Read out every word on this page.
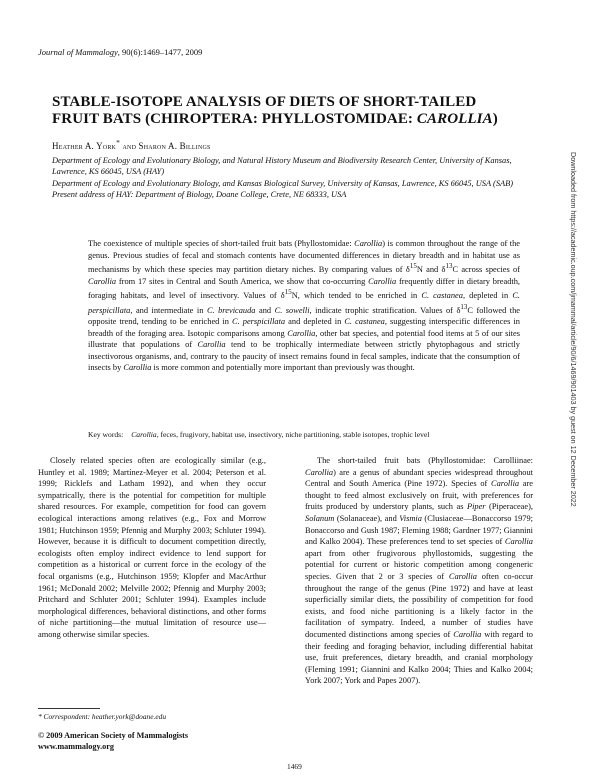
Journal of Mammalogy, 90(6):1469–1477, 2009
STABLE-ISOTOPE ANALYSIS OF DIETS OF SHORT-TAILED FRUIT BATS (CHIROPTERA: PHYLLOSTOMIDAE: CAROLLIA)
Heather A. York* and Sharon A. Billings

Department of Ecology and Evolutionary Biology, and Natural History Museum and Biodiversity Research Center, University of Kansas, Lawrence, KS 66045, USA (HAY)

Department of Ecology and Evolutionary Biology, and Kansas Biological Survey, University of Kansas, Lawrence, KS 66045, USA (SAB)

Present address of HAY: Department of Biology, Doane College, Crete, NE 68333, USA

The coexistence of multiple species of short-tailed fruit bats (Phyllostomidae: Carollia) is common throughout the range of the genus. Previous studies of fecal and stomach contents have documented differences in dietary breadth and in habitat use as mechanisms by which these species may partition dietary niches. By comparing values of $\delta^{15}N$ and $\delta^{13}C$ across species of Carollia from 17 sites in Central and South America, we show that co-occurring Carollia frequently differ in dietary breadth, foraging habitats, and level of insectivory. Values of $\delta^{15}N$, which tended to be enriched in C. castanea, depleted in C. perspicillata, and intermediate in C. brevicauda and C. sowelli, indicate trophic stratification. Values of $\delta^{13}C$ followed the opposite trend, tending to be enriched in C. perspicillata and depleted in C. castanea, suggesting interspecific differences in breadth of the foraging area. Isotopic comparisons among Carollia, other bat species, and potential food items at 5 of our sites illustrate that populations of Carollia tend to be trophically intermediate between strictly phytophagous and strictly insectivorous organisms, and, contrary to the paucity of insect remains found in fecal samples, indicate that the consumption of insects by Carollia is more common and potentially more important than previously was thought.

Key words: Carollia, feces, frugivory, habitat use, insectivory, niche partitioning, stable isotopes, trophic level

Closely related species often are ecologically similar (e.g., Huntley et al. 1989; Martínez-Meyer et al. 2004; Peterson et al. 1999; Ricklefs and Latham 1992), and when they occur sympatrically, there is the potential for competition for multiple shared resources. For example, competition for food can govern ecological interactions among relatives (e.g., Fox and Morrow 1981; Hutchinson 1959; Pfennig and Murphy 2003; Schluter 1994). However, because it is difficult to document competition directly, ecologists often employ indirect evidence to lend support for competition as a historical or current force in the ecology of the focal organisms (e.g., Hutchinson 1959; Klopfer and MacArthur 1961; McDonald 2002; Melville 2002; Pfennig and Murphy 2003; Pritchard and Schluter 2001; Schluter 1994). Examples include morphological differences, behavioral distinctions, and other forms of niche partitioning—the mutual limitation of resource use—among otherwise similar species.

The short-tailed fruit bats (Phyllostomidae: Carolliinae: Carollia) are a genus of abundant species widespread throughout Central and South America (Pine 1972). Species of Carollia are thought to feed almost exclusively on fruit, with preferences for fruits produced by understory plants, such as Piper (Piperaceae), Solanum (Solanaceae), and Vismia (Clusiaceae—Bonaccorso 1979; Bonaccorso and Gush 1987; Fleming 1988; Gardner 1977; Giannini and Kalko 2004). These preferences tend to set species of Carollia apart from other frugivorous phyllostomids, suggesting the potential for current or historic competition among congeneric species. Given that 2 or 3 species of Carollia often co-occur throughout the range of the genus (Pine 1972) and have at least superficially similar diets, the possibility of competition for food exists, and food niche partitioning is a likely factor in the facilitation of sympatry. Indeed, a number of studies have documented distinctions among species of Carollia with regard to their feeding and foraging behavior, including differential habitat use, fruit preferences, dietary breadth, and cranial morphology (Fleming 1991; Giannini and Kalko 2004; Thies and Kalko 2004; York 2007; York and Papes 2007).

* Correspondent: heather.york@doane.edu
© 2009 American Society of Mammalogists
www.mammalogy.org
1469
Downloaded from https://academic.oup.com/jmammal/article/90/6/1469/901403 by guest on 12 December 2022
